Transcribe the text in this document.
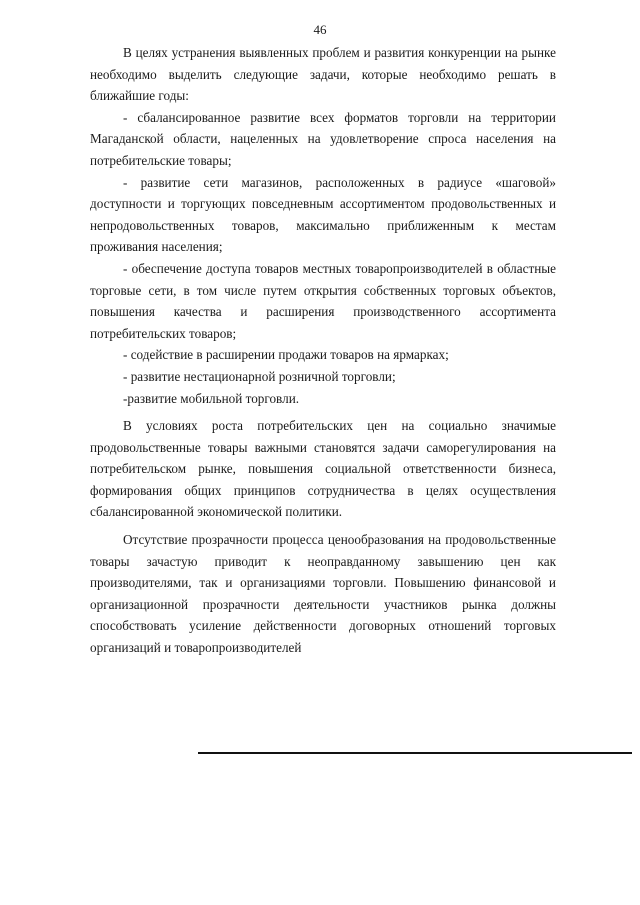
46

В целях устранения выявленных проблем и развития конкуренции на рынке необходимо выделить следующие задачи, которые необходимо решать в ближайшие годы:

- сбалансированное развитие всех форматов торговли на территории Магаданской области, нацеленных на удовлетворение спроса населения на потребительские товары;

- развитие сети магазинов, расположенных в радиусе «шаговой» доступности и торгующих повседневным ассортиментом продовольственных и непродовольственных товаров, максимально приближенным к местам проживания населения;

- обеспечение доступа товаров местных товаропроизводителей в областные торговые сети, в том числе путем открытия собственных торговых объектов, повышения качества и расширения производственного ассортимента потребительских товаров;

- содействие в расширении продажи товаров на ярмарках;

- развитие нестационарной розничной торговли;

-развитие мобильной торговли.

В условиях роста потребительских цен на социально значимые продовольственные товары важными становятся задачи саморегулирования на потребительском рынке, повышения социальной ответственности бизнеса, формирования общих принципов сотрудничества в целях осуществления сбалансированной экономической политики.

Отсутствие прозрачности процесса ценообразования на продовольственные товары зачастую приводит к неоправданному завышению цен как производителями, так и организациями торговли. Повышению финансовой и организационной прозрачности деятельности участников рынка должны способствовать усиление действенности договорных отношений торговых организаций и товаропроизводителей
